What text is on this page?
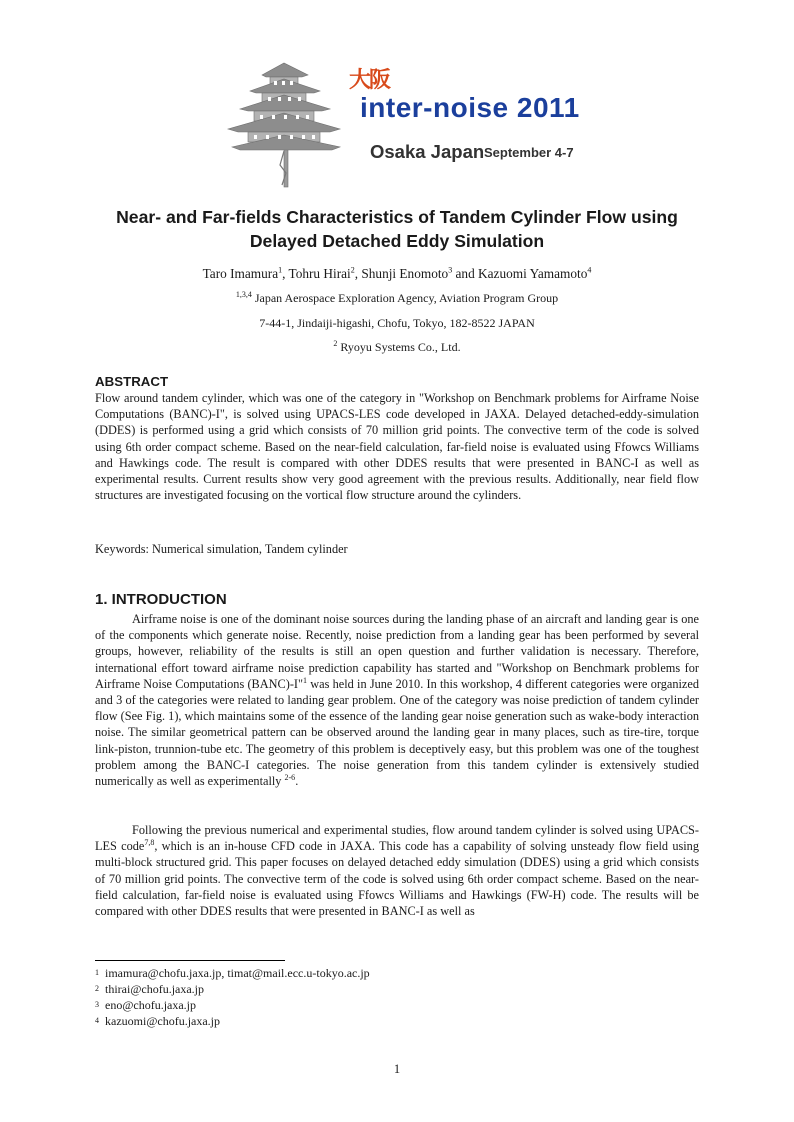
大阪
inter-noise 2011
Osaka Japan September 4-7
Near- and Far-fields Characteristics of Tandem Cylinder Flow using
Delayed Detached Eddy Simulation
Taro Imamura$^1$, Tohru Hirai$^2$, Shunji Enomoto$^3$ and Kazuomi Yamamoto$^4$
$^{1,3,4}$ Japan Aerospace Exploration Agency, Aviation Program Group
7-44-1, Jindaiji-higashi, Chofu, Tokyo, 182-8522 JAPAN
$^2$ Ryoyu Systems Co., Ltd.
ABSTRACT
Flow around tandem cylinder, which was one of the category in "Workshop on Benchmark problems for Airframe Noise Computations (BANC)-I", is solved using UPACS-LES code developed in JAXA. Delayed detached-eddy-simulation (DDES) is performed using a grid which consists of 70 million grid points. The convective term of the code is solved using 6th order compact scheme. Based on the near-field calculation, far-field noise is evaluated using Ffowcs Williams and Hawkings code. The result is compared with other DDES results that were presented in BANC-I as well as experimental results. Current results show very good agreement with the previous results. Additionally, near field flow structures are investigated focusing on the vortical flow structure around the cylinders.
Keywords: Numerical simulation, Tandem cylinder
1. INTRODUCTION
Airframe noise is one of the dominant noise sources during the landing phase of an aircraft and landing gear is one of the components which generate noise. Recently, noise prediction from a landing gear has been performed by several groups, however, reliability of the results is still an open question and further validation is necessary. Therefore, international effort toward airframe noise prediction capability has started and "Workshop on Benchmark problems for Airframe Noise Computations (BANC)-I"$^1$ was held in June 2010. In this workshop, 4 different categories were organized and 3 of the categories were related to landing gear problem. One of the category was noise prediction of tandem cylinder flow (See Fig. 1), which maintains some of the essence of the landing gear noise generation such as wake-body interaction noise. The similar geometrical pattern can be observed around the landing gear in many places, such as tire-tire, torque link-piston, trunnion-tube etc. The geometry of this problem is deceptively easy, but this problem was one of the toughest problem among the BANC-I categories. The noise generation from this tandem cylinder is extensively studied numerically as well as experimentally $^{2-6}$.
Following the previous numerical and experimental studies, flow around tandem cylinder is solved using UPACS-LES code$^{7,8}$, which is an in-house CFD code in JAXA. This code has a capability of solving unsteady flow field using multi-block structured grid. This paper focuses on delayed detached eddy simulation (DDES) using a grid which consists of 70 million grid points. The convective term of the code is solved using 6th order compact scheme. Based on the near-field calculation, far-field noise is evaluated using Ffowcs Williams and Hawkings (FW-H) code. The results will be compared with other DDES results that were presented in BANC-I as well as
1 imamura@chofu.jaxa.jp, timat@mail.ecc.u-tokyo.ac.jp
2 thirai@chofu.jaxa.jp
3 eno@chofu.jaxa.jp
4 kazuomi@chofu.jaxa.jp
1
